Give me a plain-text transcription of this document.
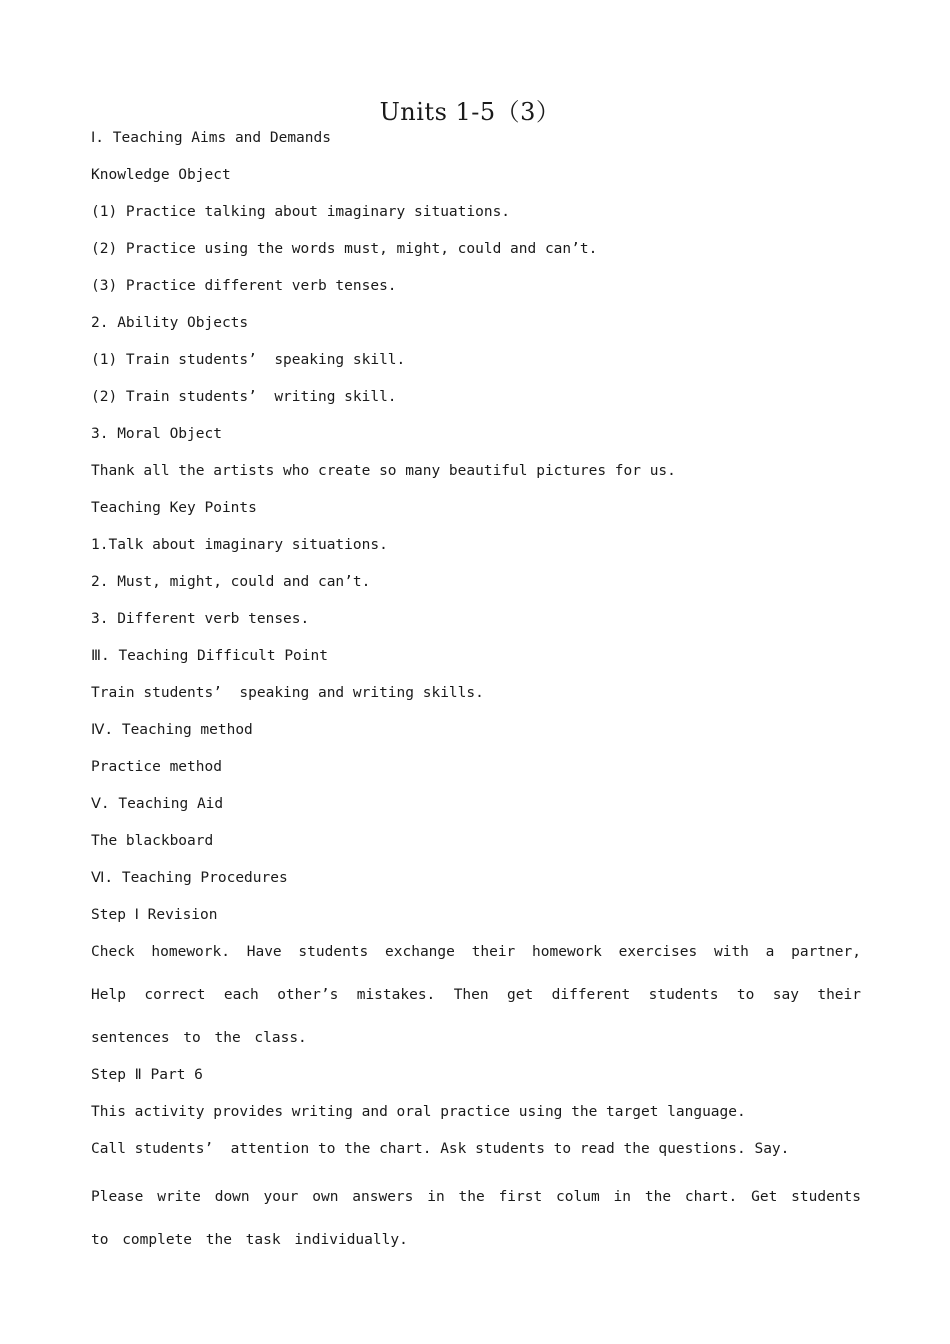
Units 1-5（3）
Ⅰ. Teaching Aims and Demands
Knowledge Object
(1) Practice talking about imaginary situations.
(2) Practice using the words must, might, could and can’t.
(3) Practice different verb tenses.
2. Ability Objects
(1) Train students’  speaking skill.
(2) Train students’  writing skill.
3. Moral Object
Thank all the artists who create so many beautiful pictures for us.
Teaching Key Points
1.Talk about imaginary situations.
2. Must, might, could and can’t.
3. Different verb tenses.
Ⅲ. Teaching Difficult Point
Train students’  speaking and writing skills.
Ⅳ. Teaching method
Practice method
Ⅴ. Teaching Aid
The blackboard
Ⅵ. Teaching Procedures
Step Ⅰ Revision
Check homework. Have students exchange their homework exercises with a partner, Help correct each other’s mistakes. Then get different students to say their sentences to the class.
Step Ⅱ Part 6
This activity provides writing and oral practice using the target language.
Call students’  attention to the chart. Ask students to read the questions. Say.
Please write down your own answers in the first colum in the chart. Get students to complete the task individually.
